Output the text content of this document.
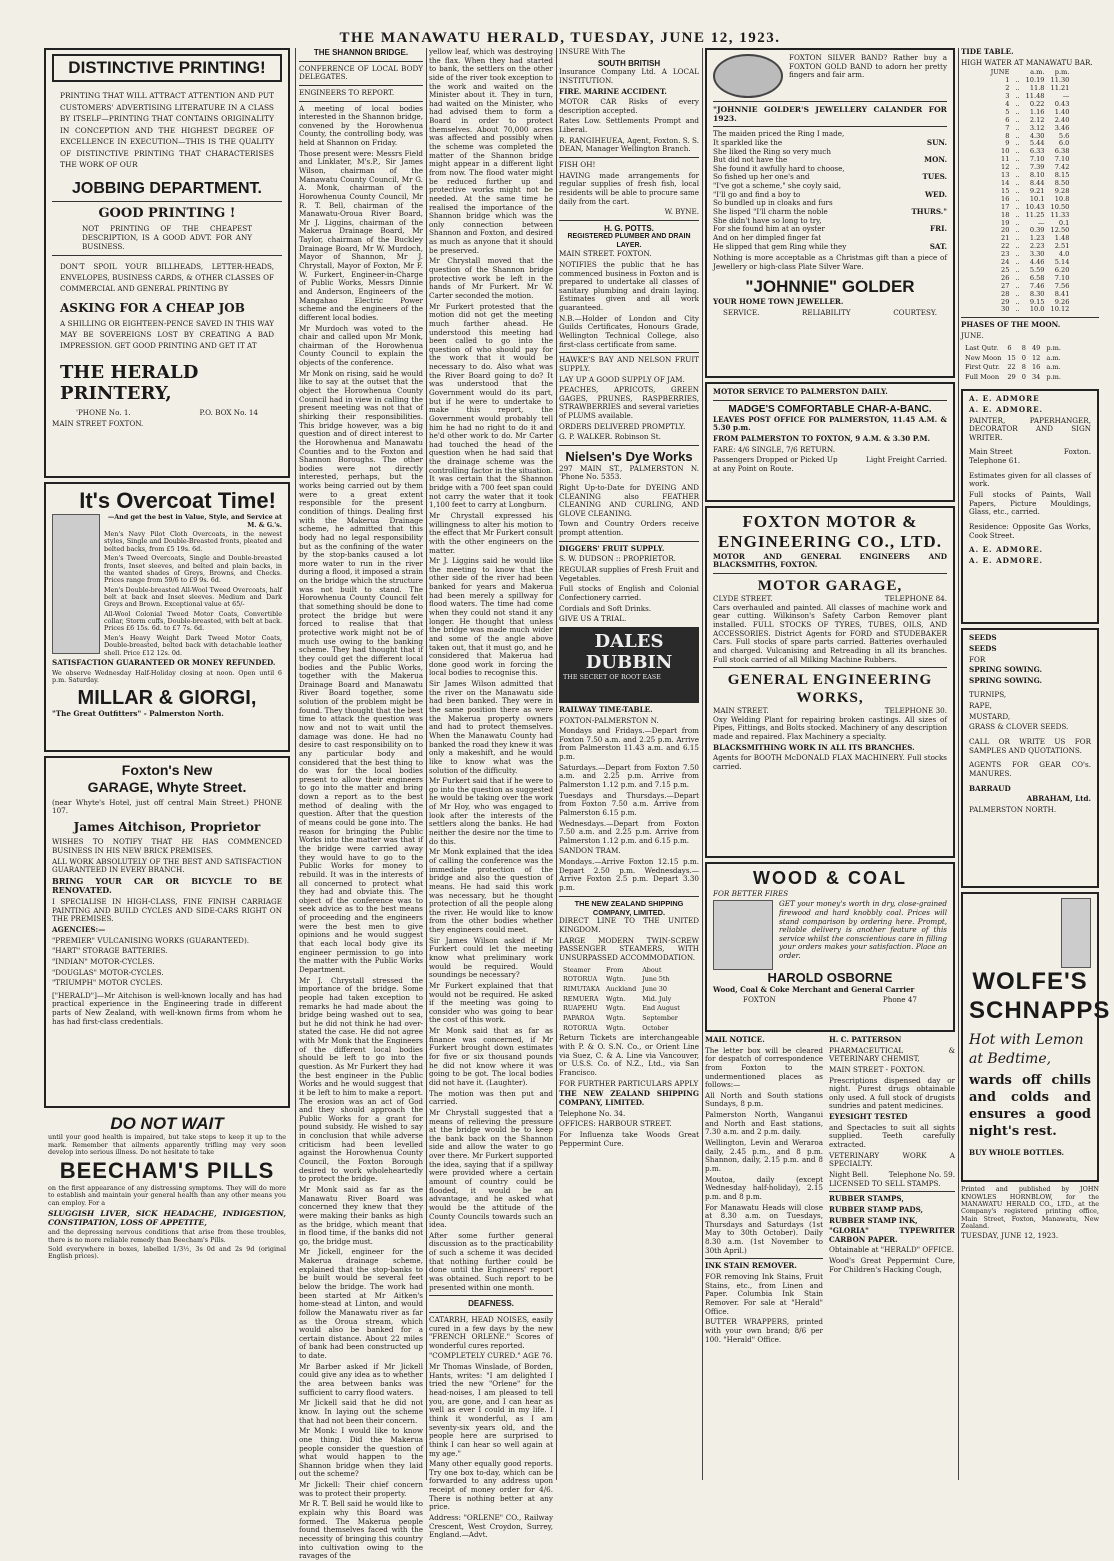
THE MANAWATU HERALD, TUESDAY, JUNE 12, 1923.
DISTINCTIVE PRINTING!

PRINTING THAT WILL ATTRACT ATTENTION AND PUT CUSTOMERS' ADVERTISING LITERATURE IN A CLASS BY ITSELF—PRINTING THAT CONTAINS ORIGINALITY IN CONCEPTION AND THE HIGHEST DEGREE OF EXCELLENCE IN EXECUTION—THIS IS THE QUALITY OF DISTINCTIVE PRINTING THAT CHARACTERISES THE WORK OF OUR

JOBBING DEPARTMENT.
GOOD PRINTING !

NOT PRINTING OF THE CHEAPEST DESCRIPTION, IS A GOOD ADVT. FOR ANY BUSINESS.

DON'T SPOIL YOUR BILLHEADS, LETTER-HEADS, ENVELOPES, BUSINESS CARDS, & OTHER CLASSES OF COMMERCIAL AND GENERAL PRINTING BY

ASKING FOR A CHEAP JOB

A SHILLING OR EIGHTEEN-PENCE SAVED IN THIS WAY MAY BE SOVEREIGNS LOST BY CREATING A BAD IMPRESSION. GET GOOD PRINTING AND GET IT AT

THE HERALD PRINTERY,
'PHONE No. 1.	P.O. BOX No. 14

MAIN STREET FOXTON.

It's Overcoat Time!

—And get the best in Value, Style, and Service at M. & G.'s.

Men's Navy Pilot Cloth Overcoats, in the newest styles, Single and Double-Breasted fronts, pleated and belted backs, from £5 19s. 6d.

Men's Tweed Overcoats, Single and Double-breasted fronts, Inset sleeves, and belted and plain backs, in the wanted shades of Greys, Browns, and Checks. Prices range from 59/6 to £9 9s. 6d.

Men's Double-breasted All-Wool Tweed Overcoats, half belt at back and Inset sleeves. Medium and Dark Greys and Brown. Exceptional value at 65/-

All-Wool Colonial Tweed Motor Coats, Convertible collar, Storm cuffs, Double-breasted, with belt at back. Prices £6 15s. 6d. to £7 7s. 6d.

Men's Heavy Weight Dark Tweed Motor Coats, Double-breasted, belted back with detachable leather shell. Price £12 12s. 0d.

SATISFACTION GUARANTEED OR MONEY REFUNDED.

We observe Wednesday Half-Holiday closing at noon. Open until 6 p.m. Saturday.

MILLAR & GIORGI,

"The Great Outfitters" - Palmerston North.

Foxton's New
GARAGE, Whyte Street.

(near Whyte's Hotel, just off central Main Street.) PHONE 107.

James Aitchison, Proprietor

WISHES TO NOTIFY THAT HE HAS COMMENCED BUSINESS IN HIS NEW BRICK PREMISES.

ALL WORK ABSOLUTELY OF THE BEST AND SATISFACTION GUARANTEED IN EVERY BRANCH.

BRING YOUR CAR OR BICYCLE TO BE RENOVATED.

I SPECIALISE IN HIGH-CLASS, FINE FINISH CARRIAGE PAINTING AND BUILD CYCLES AND SIDE-CARS RIGHT ON THE PREMISES.

AGENCIES:—

"PREMIER" VULCANISING WORKS (GUARANTEED).

"HART" STORAGE BATTERIES.

"INDIAN" MOTOR-CYCLES.

"DOUGLAS" MOTOR-CYCLES.

"TRIUMPH" MOTOR CYCLES.

["HERALD"]—Mr Aitchison is well-known locally and has had practical experience in the Engineering trade in different parts of New Zealand, with well-known firms from whom he has had first-class credentials.

DO NOT WAIT

until your good health is impaired, but take steps to keep it up to the mark. Remember that ailments apparently trifling may very soon develop into serious illness. Do not hesitate to take

BEECHAM'S PILLS

on the first appearance of any distressing symptoms. They will do more to establish and maintain your general health than any other means you can employ. For a

SLUGGISH LIVER, SICK HEADACHE, INDIGESTION, CONSTIPATION, LOSS OF APPETITE,

and the depressing nervous conditions that arise from these troubles, there is no more reliable remedy than Beecham's Pills.

Sold everywhere in boxes, labelled 1/3½, 3s 0d and 2s 9d (original English prices).

THE SHANNON BRIDGE.

CONFERENCE OF LOCAL BODY DELEGATES.

ENGINEERS TO REPORT.

A meeting of local bodies interested in the Shannon bridge, convened by the Horowhenua County, the controlling body, was held at Shannon on Friday.

Those present were: Messrs Field and Linklater, M's.P., Sir James Wilson, chairman of the Manawatu County Council, Mr G. A. Monk, chairman of the Horowhenua County Council, Mr R. T. Bell, chairman of the Manawatu-Oroua River Board, Mr J. Liggins, chairman of the Makerua Drainage Board, Mr Taylor, chairman of the Buckley Drainage Board, Mr W. Murdoch, Mayor of Shannon, Mr J. Chrystall, Mayor of Foxton, Mr F. W. Furkert, Engineer-in-Charge of Public Works, Messrs Dinnie and Anderson, Engineers of the Mangahao Electric Power scheme and the engineers of the different local bodies.

Mr Murdoch was voted to the chair and called upon Mr Monk, chairman of the Horowhenua County Council to explain the objects of the conference.

Mr Monk on rising, said he would like to say at the outset that the object the Horowhenua County Council had in view in calling the present meeting was not that of shirking their responsibilities. This bridge however, was a big question and of direct interest to the Horowhenua and Manawatu Counties and to the Foxton and Shannon Boroughs. The other bodies were not directly interested, perhaps, but the works being carried out by them were to a great extent responsible for the present condition of things. Dealing first with the Makerua Drainage scheme, he admitted that this body had no legal responsibility but as the confining of the water by the stop-banks caused a lot more water to run in the river during a flood, it imposed a strain on the bridge which the structure was not built to stand. The Horowhenua County Council felt that something should be done to protect the bridge but were forced to realise that that protective work might not be of much use owing to the banking scheme. They had thought that if they could get the different local bodies and the Public Works, together with the Makerua Drainage Board and Manawatu River Board together, some solution of the problem might be found. They thought that the best time to attack the question was now and not to wait until the damage was done. He had no desire to cast responsibility on to any particular body and considered that the best thing to do was for the local bodies present to allow their engineers to go into the matter and bring down a report as to the best method of dealing with the question. After that the question of means could be gone into. The reason for bringing the Public Works into the matter was that if the bridge were carried away they would have to go to the Public Works for money to rebuild. It was in the interests of all concerned to protect what they had and obviate this. The object of the conference was to seek advice as to the best means of proceeding and the engineers were the best men to give opinions and he would suggest that each local body give its engineer permission to go into the matter with the Public Works Department.

Mr J. Chrystall stressed the importance of the bridge. Some people had taken exception to remarks he had made about the bridge being washed out to sea, but he did not think he had over-stated the case. He did not agree with Mr Monk that the Engineers of the different local bodies should be left to go into the question. As Mr Furkert they had the best engineer in the Public Works and he would suggest that it be left to him to make a report. The erosion was an act of God and they should approach the Public Works for a grant for pound subsidy. He wished to say in conclusion that while adverse criticism had been levelled against the Horowhenua County Council, the Foxton Borough desired to work wholeheartedly to protect the bridge.

Mr Monk said as far as the Manawatu River Board was concerned they knew that they were making their banks as high as the bridge, which meant that in flood time, if the banks did not go, the bridge must.

Mr Jickell, engineer for the Makerua drainage scheme, explained that the stop-banks to be built would be several feet below the bridge. The work had been started at Mr Aitken's home-stead at Linton, and would follow the Manawatu river as far as the Oroua stream, which would also be banked for a certain distance. About 22 miles of bank had been constructed up to date.

Mr Barber asked if Mr Jickell could give any idea as to whether the area between banks was sufficient to carry flood waters.

Mr Jickell said that he did not know. In laying out the scheme that had not been their concern.

Mr Monk: I would like to know one thing. Did the Makerua people consider the question of what would happen to the Shannon bridge when they laid out the scheme?

Mr Jickell: Their chief concern was to protect their property.

Mr R. T. Bell said he would like to explain why this Board was formed. The Makerua people found themselves faced with the necessity of bringing this country into cultivation owing to the ravages of the

yellow leaf, which was destroying the flax. When they had started to bank, the settlers on the other side of the river took exception to the work and waited on the Minister about it. They in turn, had waited on the Minister, who had advised them to form a Board in order to protect themselves. About 70,000 acres was affected and possibly when the scheme was completed the matter of the Shannon bridge might appear in a different light from now. The flood water might be reduced further up and protective works might not be needed. At the same time he realised the importance of the Shannon bridge which was the only connection between Shannon and Foxton, and desired as much as anyone that it should be preserved.

Mr Chrystall moved that the question of the Shannon bridge protective work be left in the hands of Mr Furkert. Mr W. Carter seconded the motion.

Mr Furkert protested that the motion did not get the meeting much farther ahead. He understood this meeting had been called to go into the question of who should pay for the work that it would be necessary to do. Also what was the River Board going to do? It was understood that the Government would do its part, but if he were to undertake to make this report, the Government would probably tell him he had no right to do it and he'd other work to do. Mr Carter had touched the head of the question when he had said that the drainage scheme was the controlling factor in the situation. It was certain that the Shannon bridge with a 700 feet span could not carry the water that it took 1,100 feet to carry at Longburn.

Mr Chrystall expressed his willingness to alter his motion to the effect that Mr Furkert consult with the other engineers on the matter.

Mr J. Liggins said he would like the meeting to know that the other side of the river had been banked for years and Makerua had been merely a spillway for flood waters. The time had come when they could not stand it any longer. He thought that unless the bridge was made much wider and some of the angle above taken out, that it must go, and he considered that Makerua had done good work in forcing the local bodies to recognise this.

Sir James Wilson admitted that the river on the Manawatu side had been banked. They were in the same position there as were the Makerua property owners and had to protect themselves. When the Manawatu County had banked the road they knew it was only a makeshift, and he would like to know what was the solution of the difficulty.

Mr Furkert said that if he were to go into the question as suggested he would be taking over the work of Mr Hoy, who was engaged to look after the interests of the settlers along the banks. He had neither the desire nor the time to do this.

Mr Monk explained that the idea of calling the conference was the immediate protection of the bridge and also the question of means. He had said this work was necessary, but he thought protection of all the people along the river. He would like to know from the other bodies whether they engineers could meet.

Sir James Wilson asked if Mr Furkert could let the meeting know what preliminary work would be required. Would soundings be necessary?

Mr Furkert explained that that would not be required. He asked if the meeting was going to consider who was going to bear the cost of this work.

Mr Monk said that as far as finance was concerned, if Mr Furkert brought down estimates for five or six thousand pounds he did not know where it was going to be got. The local bodies did not have it. (Laughter).

The motion was then put and carried.

Mr Chrystall suggested that a means of relieving the pressure at the bridge would be to keep the bank back on the Shannon side and allow the water to go over there. Mr Furkert supported the idea, saying that if a spillway were provided where a certain amount of country could be flooded, it would be an advantage, and he asked what would be the attitude of the County Councils towards such an idea.

After some further general discussion as to the practicability of such a scheme it was decided that nothing further could be done until the Engineers' report was obtained. Such report to be presented within one month.

DEAFNESS.

CATARRH, HEAD NOISES, easily cured in a few days by the new "FRENCH ORLENE." Scores of wonderful cures reported.

"COMPLETELY CURED." AGE 76.

Mr Thomas Winslade, of Borden, Hants, writes: "I am delighted I tried the new "Orlene" for the head-noises, I am pleased to tell you, are gone, and I can hear as well as ever I could in my life. I think it wonderful, as I am seventy-six years old, and the people here are surprised to think I can hear so well again at my age."

Many other equally good reports. Try one box to-day, which can be forwarded to any address upon receipt of money order for 4/6. There is nothing better at any price.

Address: "ORLENE" CO., Railway Crescent, West Croydon, Surrey, England.—Advt.

INSURE With The

SOUTH BRITISH

Insurance Company Ltd. A LOCAL INSTITUTION.

FIRE. MARINE ACCIDENT.

MOTOR CAR Risks of every description accepted.

Rates Low. Settlements Prompt and Liberal.

R. RANGIHEUEA, Agent, Foxton. S. S. DEAN, Manager Wellington Branch.

FISH OH!

HAVING made arrangements for regular supplies of fresh fish, local residents will be able to procure same daily from the cart.

W. BYNE.

H. G. POTTS.
REGISTERED PLUMBER AND DRAIN LAYER.

MAIN STREET. FOXTON.

NOTIFIES the public that he has commenced business in Foxton and is prepared to undertake all classes of sanitary plumbing and drain laying. Estimates given and all work guaranteed.

N.B.—Holder of London and City Guilds Certificates, Honours Grade, Wellington Technical College, also first-class certificate from same.

HAWKE'S BAY AND NELSON FRUIT SUPPLY.

LAY UP A GOOD SUPPLY OF JAM.

PEACHES, APRICOTS, GREEN GAGES, PRUNES, RASPBERRIES, STRAWBERRIES and several varieties of PLUMS available.

ORDERS DELIVERED PROMPTLY.

G. P. WALKER. Robinson St.

Nielsen's Dye Works

297 MAIN ST., PALMERSTON N. 'Phone No. 5353.

Right Up-to-Date for DYEING AND CLEANING also FEATHER CLEANING AND CURLING, AND GLOVE CLEANING.

Town and Country Orders receive prompt attention.

DIGGERS' FRUIT SUPPLY.

S. W. DUDSON :: PROPRIETOR.

REGULAR supplies of Fresh Fruit and Vegetables.

Full stocks of English and Colonial Confectionery carried.

Cordials and Soft Drinks.

GIVE US A TRIAL.

DALES DUBBIN

THE SECRET OF ROOT EASE

RAILWAY TIME-TABLE.

FOXTON-PALMERSTON N.

Mondays and Fridays.—Depart from Foxton 7.50 a.m. and 2.25 p.m. Arrive from Palmerston 11.43 a.m. and 6.15 p.m.

Saturdays.—Depart from Foxton 7.50 a.m. and 2.25 p.m. Arrive from Palmerston 1.12 p.m. and 7.15 p.m.

Tuesdays and Thursdays.—Depart from Foxton 7.50 a.m. Arrive from Palmerston 6.15 p.m.

Wednesdays.—Depart from Foxton 7.50 a.m. and 2.25 p.m. Arrive from Palmerston 1.12 p.m. and 6.15 p.m.

SANDON TRAM.

Mondays.—Arrive Foxton 12.15 p.m. Depart 2.50 p.m. Wednesdays.—Arrive Foxton 2.5 p.m. Depart 3.30 p.m.

THE NEW ZEALAND SHIPPING COMPANY, LIMITED.

DIRECT LINE TO THE UNITED KINGDOM.

LARGE MODERN TWIN-SCREW PASSENGER STEAMERS, WITH UNSURPASSED ACCOMMODATION.

Steamer	From	About
ROTORUA	Wgtn.	June 5th
RIMUTAKA	Auckland	June 30
REMUERA	Wgtn.	Mid. July
RUAPEHU	Wgtn.	End August
PAPAROA	Wgtn.	September
ROTORUA	Wgtn.	October

Return Tickets are interchangeable with P. & O. S.N. Co., or Orient Line via Suez, C. & A. Line via Vancouver, or U.S.S. Co. of N.Z., Ltd., via San Francisco.

FOR FURTHER PARTICULARS APPLY

THE NEW ZEALAND SHIPPING COMPANY, LIMITED.

Telephone No. 34.

OFFICES: HARBOUR STREET.

For Influenza take Woods Great Peppermint Cure.

FOXTON SILVER BAND? Rather buy a FOXTON GOLD BAND to adorn her pretty fingers and fair arm.

"JOHNNIE GOLDER'S JEWELLERY CALANDER FOR 1923.

The maiden priced the Ring I made,
It sparkled like the	SUN.
She liked the Ring so very much
But did not have the	MON.
She found it awfully hard to choose,
So fished up her one's and	TUES.
"I've got a scheme," she coyly said,
"I'll go and find a boy to	WED.
So bundled up in cloaks and furs
She lisped "I'll charm the noble	THURS."
She didn't have so long to try,
For she found him at an oyster	FRI.
And on her dimpled finger fat
He slipped that gem Ring while they	SAT.

Nothing is more acceptable as a Christmas gift than a piece of Jewellery or high-class Plate Silver Ware.

"JOHNNIE" GOLDER

YOUR HOME TOWN JEWELLER.

SERVICE.	RELIABILITY	COURTESY.

MOTOR SERVICE TO PALMERSTON DAILY.

MADGE'S COMFORTABLE CHAR-A-BANC.

LEAVES POST OFFICE FOR PALMERSTON, 11.45 A.M. & 5.30 p.m.

FROM PALMERSTON TO FOXTON, 9 A.M. & 3.30 P.M.

FARE: 4/6 SINGLE, 7/6 RETURN.

Passengers Dropped or Picked Up at any Point on Route.
Light Freight Carried.
FOXTON MOTOR & ENGINEERING CO., LTD.

MOTOR AND GENERAL ENGINEERS AND BLACKSMITHS, FOXTON.

MOTOR GARAGE,
CLYDE STREET.	TELEPHONE 84.

Cars overhauled and painted. All classes of machine work and gear cutting. Wilkinson's Safety Carbon Remover plant installed. FULL STOCKS OF TYRES, TUBES, OILS, AND ACCESSORIES. District Agents for FORD and STUDEBAKER Cars. Full stocks of spare parts carried. Batteries overhauled and charged. Vulcanising and Retreading in all its branches. Full stock carried of all Milking Machine Rubbers.

GENERAL ENGINEERING WORKS,
MAIN STREET.	TELEPHONE 30.

Oxy Welding Plant for repairing broken castings. All sizes of Pipes, Fittings, and Bolts stocked. Machinery of any description made and repaired. Flax Machinery a specialty.

BLACKSMITHING WORK IN ALL ITS BRANCHES.

Agents for BOOTH McDONALD FLAX MACHINERY. Full stocks carried.

WOOD & COAL

FOR BETTER FIRES

GET your money's worth in dry, close-grained firewood and hard knobbly coal. Prices will stand comparison by ordering here. Prompt, reliable delivery is another feature of this service whilst the conscientious care in filling your orders makes your satisfaction. Place an order.

HAROLD OSBORNE

Wood, Coal & Coke Merchant and General Carrier

FOXTON	Phone 47

MAIL NOTICE.

The letter box will be cleared for despatch of correspondence from Foxton to the undermentioned places as follows:—

All North and South stations Sundays, 8 p.m.

Palmerston North, Wanganui and North and East stations, 7.30 a.m. and 2 p.m. daily.

Wellington, Levin and Weraroa daily, 2.45 p.m., and 8 p.m. Shannon, daily, 2.15 p.m. and 8 p.m.

Moutoa, daily (except Wednesday half-holiday), 2.15 p.m. and 8 p.m.

For Manawatu Heads will close at 8.30 a.m. on Tuesdays, Thursdays and Saturdays (1st May to 30th October). Daily 8.30 a.m. (1st November to 30th April.)

INK STAIN REMOVER.

FOR removing Ink Stains, Fruit Stains, etc., from Linen and Paper. Columbia Ink Stain Remover. For sale at "Herald" Office.

BUTTER WRAPPERS, printed with your own brand; 8/6 per 100. "Herald" Office.

H. C. PATTERSON

PHARMACEUTICAL & VETERINARY CHEMIST,

MAIN STREET - FOXTON.

Prescriptions dispensed day or night. Purest drugs obtainable only used. A full stock of drugists sundries and patent medicines.

EYESIGHT TESTED

and Spectacles to suit all sights supplied. Teeth carefully extracted.

VETERINARY WORK A SPECIALTY.

Night Bell.	Telephone No. 59.

LICENSED TO SELL STAMPS.

RUBBER STAMPS,

RUBBER STAMP PADS,

RUBBER STAMP INK,

"GLORIA" TYPEWRITER CARBON PAPER.

Obtainable at "HERALD" OFFICE.

Wood's Great Peppermint Cure, For Children's Hacking Cough,

TIDE TABLE.

HIGH WATER AT MANAWATU BAR.

JUNE		a.m.	p.m.
1	..	10.19	11.30
2	..	11.8	11.21
3	..	11.48	—
4	..	0.22	0.43
5	..	1.16	1.40
6	..	2.12	2.40
7	..	3.12	3.46
8	..	4.30	5.6
9	..	5.44	6.0
10	..	6.33	6.38
11	..	7.10	7.10
12	..	7.39	7.42
13	..	8.10	8.15
14	..	8.44	8.50
15	..	9.21	9.28
16	..	10.1	10.8
17	..	10.43	10.50
18	..	11.25	11.33
19	..	—	0.1
20	..	0.39	12.50
21	..	1.23	1.48
22	..	2.23	2.51
23	..	3.30	4.0
24	..	4.46	5.14
25	..	5.59	6.20
26	..	6.58	7.10
27	..	7.46	7.56
28	..	8.30	8.41
29	..	9.15	9.26
30	..	10.0	10.12

PHASES OF THE MOON.

JUNE.

Last Qutr.	6	8	49	p.m.
New Moon	15	0	12	a.m.
First Qutr.	22	8	16	a.m.
Full Moon	29	0	34	p.m.

A. E. ADMORE

A. E. ADMORE.

PAINTER, PAPERHANGER, DECORATOR AND SIGN WRITER.

Main Street	Foxton.

Telephone 61.

Estimates given for all classes of work.

Full stocks of Paints, Wall Papers, Picture Mouldings, Glass, etc., carried.

Residence: Opposite Gas Works, Cook Street.

A. E. ADMORE.

A. E. ADMORE.

SEEDS

SEEDS

FOR

SPRING SOWING.

SPRING SOWING.

TURNIPS,

RAPE,

MUSTARD,

GRASS & CLOVER SEEDS.

CALL OR WRITE US FOR SAMPLES AND QUOTATIONS.

AGENTS FOR GEAR CO's. MANURES.

BARRAUD

ABRAHAM, Ltd.

PALMERSTON NORTH.

WOLFE'S
SCHNAPPS

Hot with Lemon

at Bedtime,

wards off chills and colds and ensures a good night's rest.

BUY WHOLE BOTTLES.

Printed and published by JOHN KNOWLES HORNBLOW, for the MANAWATU HERALD CO., LTD., at the Company's registered printing office, Main Street, Foxton, Manawatu, New Zealand.

TUESDAY, JUNE 12, 1923.
